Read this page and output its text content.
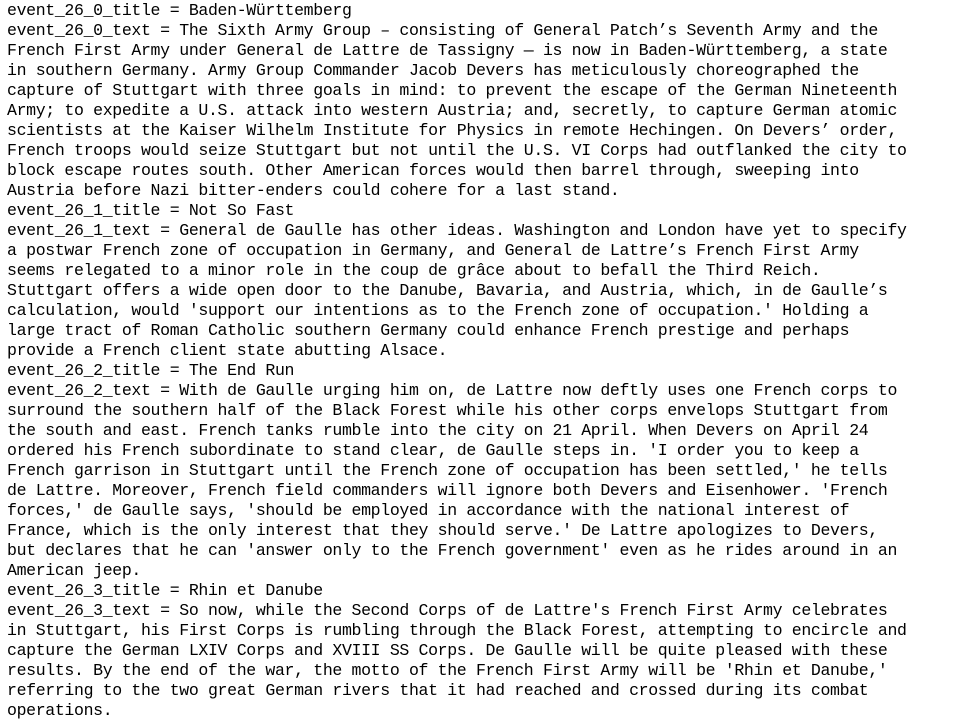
event_26_0_title = Baden-Württemberg
event_26_0_text = The Sixth Army Group – consisting of General Patch’s Seventh Army and the
French First Army under General de Lattre de Tassigny — is now in Baden-Württemberg, a state
in southern Germany. Army Group Commander Jacob Devers has meticulously choreographed the
capture of Stuttgart with three goals in mind: to prevent the escape of the German Nineteenth
Army; to expedite a U.S. attack into western Austria; and, secretly, to capture German atomic
scientists at the Kaiser Wilhelm Institute for Physics in remote Hechingen. On Devers’ order,
French troops would seize Stuttgart but not until the U.S. VI Corps had outflanked the city to
block escape routes south. Other American forces would then barrel through, sweeping into
Austria before Nazi bitter-enders could cohere for a last stand.
event_26_1_title = Not So Fast
event_26_1_text = General de Gaulle has other ideas. Washington and London have yet to specify
a postwar French zone of occupation in Germany, and General de Lattre’s French First Army
seems relegated to a minor role in the coup de grâce about to befall the Third Reich.
Stuttgart offers a wide open door to the Danube, Bavaria, and Austria, which, in de Gaulle’s
calculation, would 'support our intentions as to the French zone of occupation.' Holding a
large tract of Roman Catholic southern Germany could enhance French prestige and perhaps
provide a French client state abutting Alsace.
event_26_2_title = The End Run
event_26_2_text = With de Gaulle urging him on, de Lattre now deftly uses one French corps to
surround the southern half of the Black Forest while his other corps envelops Stuttgart from
the south and east. French tanks rumble into the city on 21 April. When Devers on April 24
ordered his French subordinate to stand clear, de Gaulle steps in. 'I order you to keep a
French garrison in Stuttgart until the French zone of occupation has been settled,' he tells
de Lattre. Moreover, French field commanders will ignore both Devers and Eisenhower. 'French
forces,' de Gaulle says, 'should be employed in accordance with the national interest of
France, which is the only interest that they should serve.' De Lattre apologizes to Devers,
but declares that he can 'answer only to the French government' even as he rides around in an
American jeep.
event_26_3_title = Rhin et Danube
event_26_3_text = So now, while the Second Corps of de Lattre's French First Army celebrates
in Stuttgart, his First Corps is rumbling through the Black Forest, attempting to encircle and
capture the German LXIV Corps and XVIII SS Corps. De Gaulle will be quite pleased with these
results. By the end of the war, the motto of the French First Army will be 'Rhin et Danube,'
referring to the two great German rivers that it had reached and crossed during its combat
operations.
